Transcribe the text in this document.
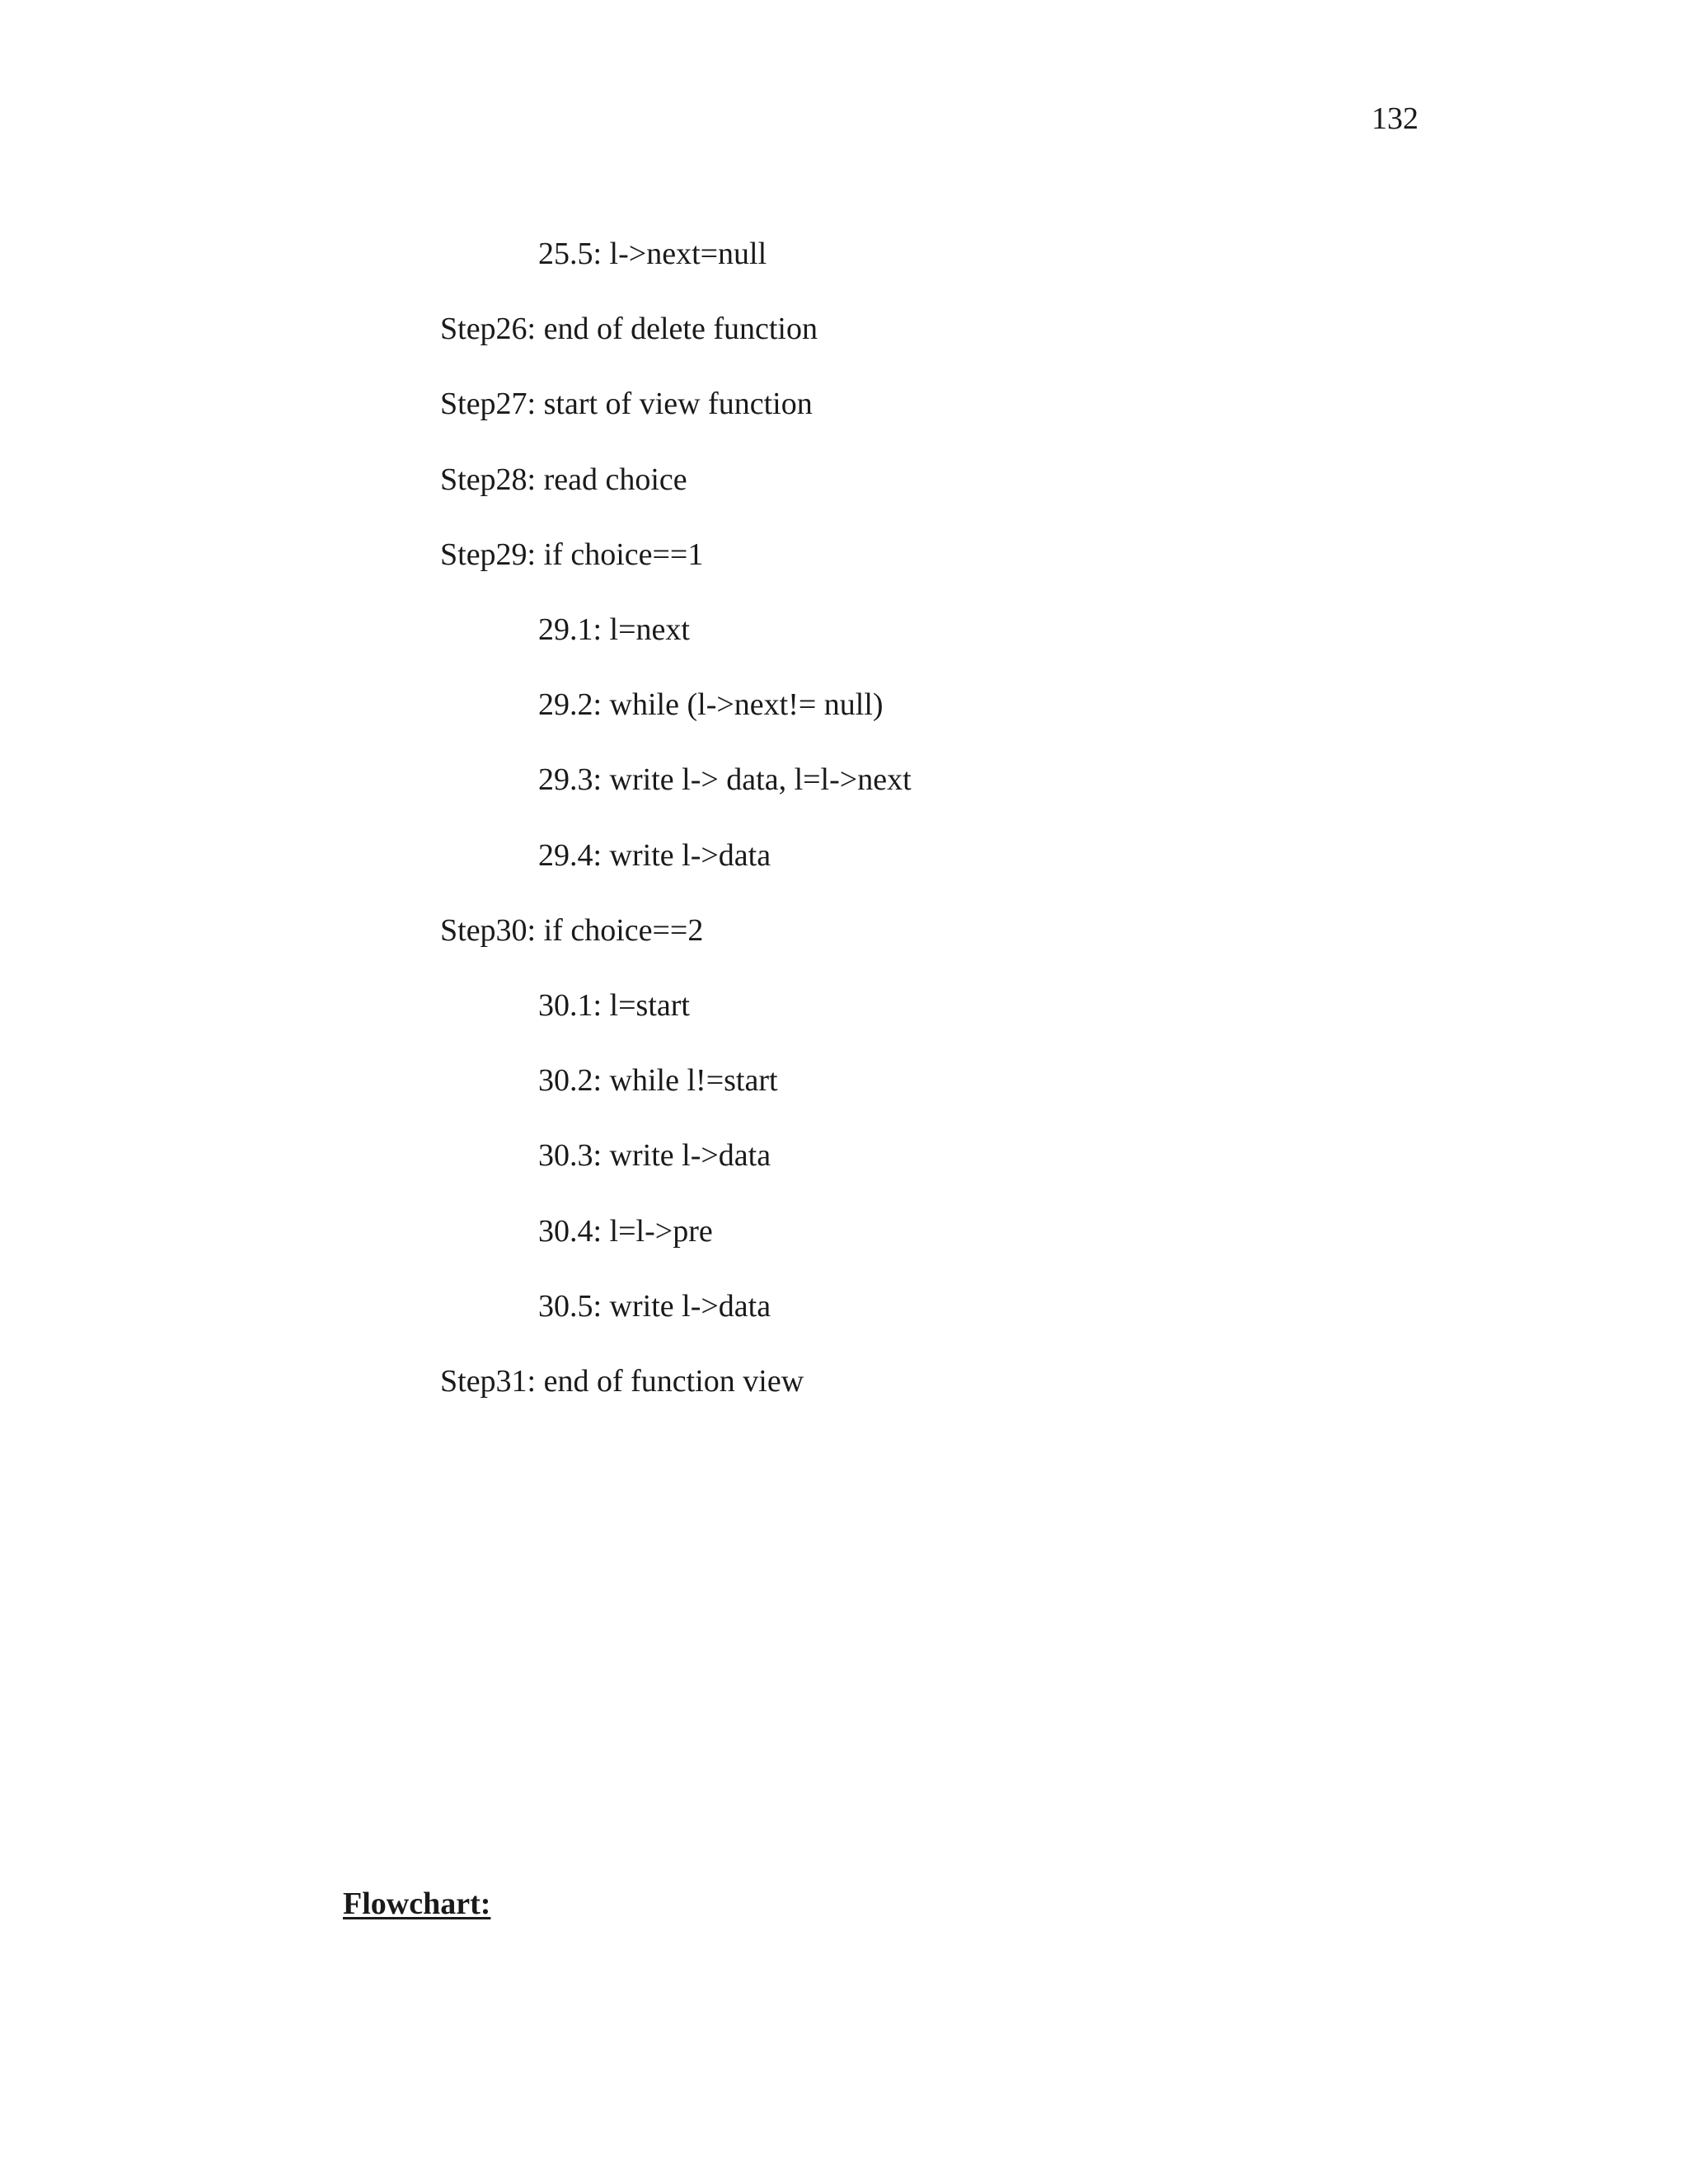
132
25.5: l->next=null
Step26: end of delete function
Step27: start of view function
Step28: read choice
Step29: if choice==1
29.1: l=next
29.2: while (l->next!= null)
29.3: write l-> data, l=l->next
29.4: write l->data
Step30: if choice==2
30.1: l=start
30.2: while l!=start
30.3: write l->data
30.4: l=l->pre
30.5: write l->data
Step31: end of function view
Flowchart:
